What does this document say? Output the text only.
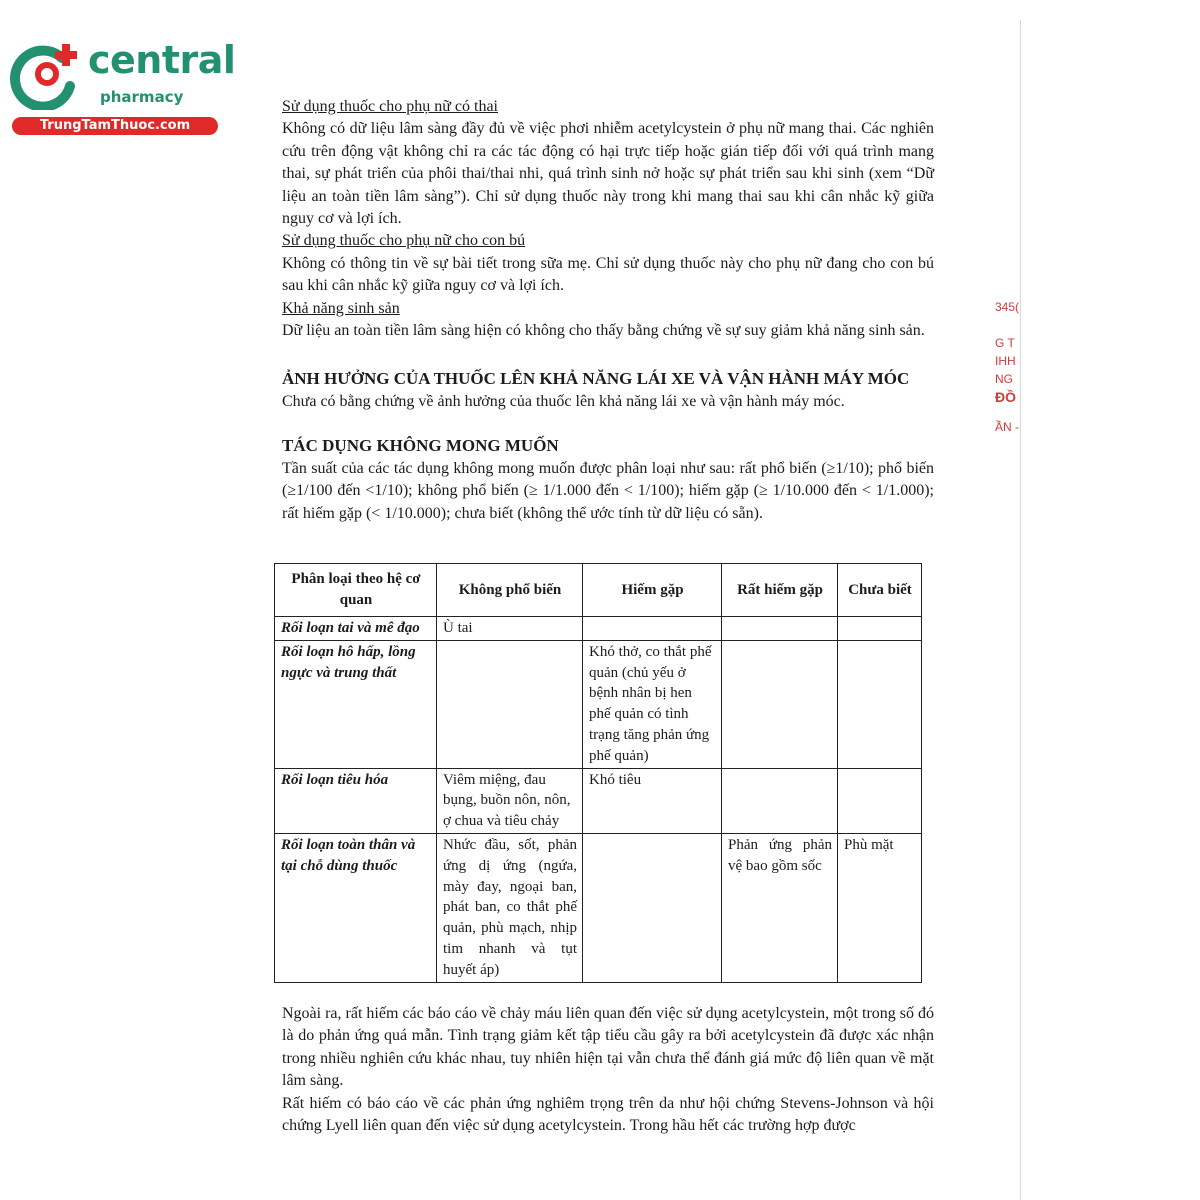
central
pharmacy
TrungTamThuoc.com
345(
G T
IHH
NG
ĐỒ
ẦN -

Sử dụng thuốc cho phụ nữ có thai

Không có dữ liệu lâm sàng đầy đủ về việc phơi nhiễm acetylcystein ở phụ nữ mang thai. Các nghiên cứu trên động vật không chỉ ra các tác động có hại trực tiếp hoặc gián tiếp đối với quá trình mang thai, sự phát triển của phôi thai/thai nhi, quá trình sinh nở hoặc sự phát triển sau khi sinh (xem “Dữ liệu an toàn tiền lâm sàng”). Chỉ sử dụng thuốc này trong khi mang thai sau khi cân nhắc kỹ giữa nguy cơ và lợi ích.

Sử dụng thuốc cho phụ nữ cho con bú

Không có thông tin về sự bài tiết trong sữa mẹ. Chỉ sử dụng thuốc này cho phụ nữ đang cho con bú sau khi cân nhắc kỹ giữa nguy cơ và lợi ích.

Khả năng sinh sản

Dữ liệu an toàn tiền lâm sàng hiện có không cho thấy bằng chứng về sự suy giảm khả năng sinh sản.

ẢNH HƯỞNG CỦA THUỐC LÊN KHẢ NĂNG LÁI XE VÀ VẬN HÀNH MÁY MÓC

Chưa có bằng chứng về ảnh hưởng của thuốc lên khả năng lái xe và vận hành máy móc.

TÁC DỤNG KHÔNG MONG MUỐN

Tần suất của các tác dụng không mong muốn được phân loại như sau: rất phổ biến (≥1/10); phổ biến (≥1/100 đến <1/10); không phổ biến (≥ 1/1.000 đến < 1/100); hiếm gặp (≥ 1/10.000 đến < 1/1.000); rất hiếm gặp (< 1/10.000); chưa biết (không thể ước tính từ dữ liệu có sẵn).

Phân loại theo hệ cơ quan	Không phổ biến	Hiếm gặp	Rất hiếm gặp	Chưa biết
Rối loạn tai và mê đạo	Ù tai			
Rối loạn hô hấp, lồng ngực và trung thất		Khó thở, co thắt phế quản (chủ yếu ở bệnh nhân bị hen phế quản có tình trạng tăng phản ứng phế quản)		
Rối loạn tiêu hóa	Viêm miệng, đau bụng, buồn nôn, nôn, ợ chua và tiêu chảy	Khó tiêu		
Rối loạn toàn thân và tại chỗ dùng thuốc	Nhức đầu, sốt, phản ứng dị ứng (ngứa, mày đay, ngoại ban, phát ban, co thắt phế quản, phù mạch, nhịp tim nhanh và tụt huyết áp)		Phản ứng phản vệ bao gồm sốc	Phù mặt

Ngoài ra, rất hiếm các báo cáo về chảy máu liên quan đến việc sử dụng acetylcystein, một trong số đó là do phản ứng quá mẫn. Tình trạng giảm kết tập tiểu cầu gây ra bởi acetylcystein đã được xác nhận trong nhiều nghiên cứu khác nhau, tuy nhiên hiện tại vẫn chưa thể đánh giá mức độ liên quan về mặt lâm sàng.

Rất hiếm có báo cáo về các phản ứng nghiêm trọng trên da như hội chứng Stevens-Johnson và hội chứng Lyell liên quan đến việc sử dụng acetylcystein. Trong hầu hết các trường hợp được
